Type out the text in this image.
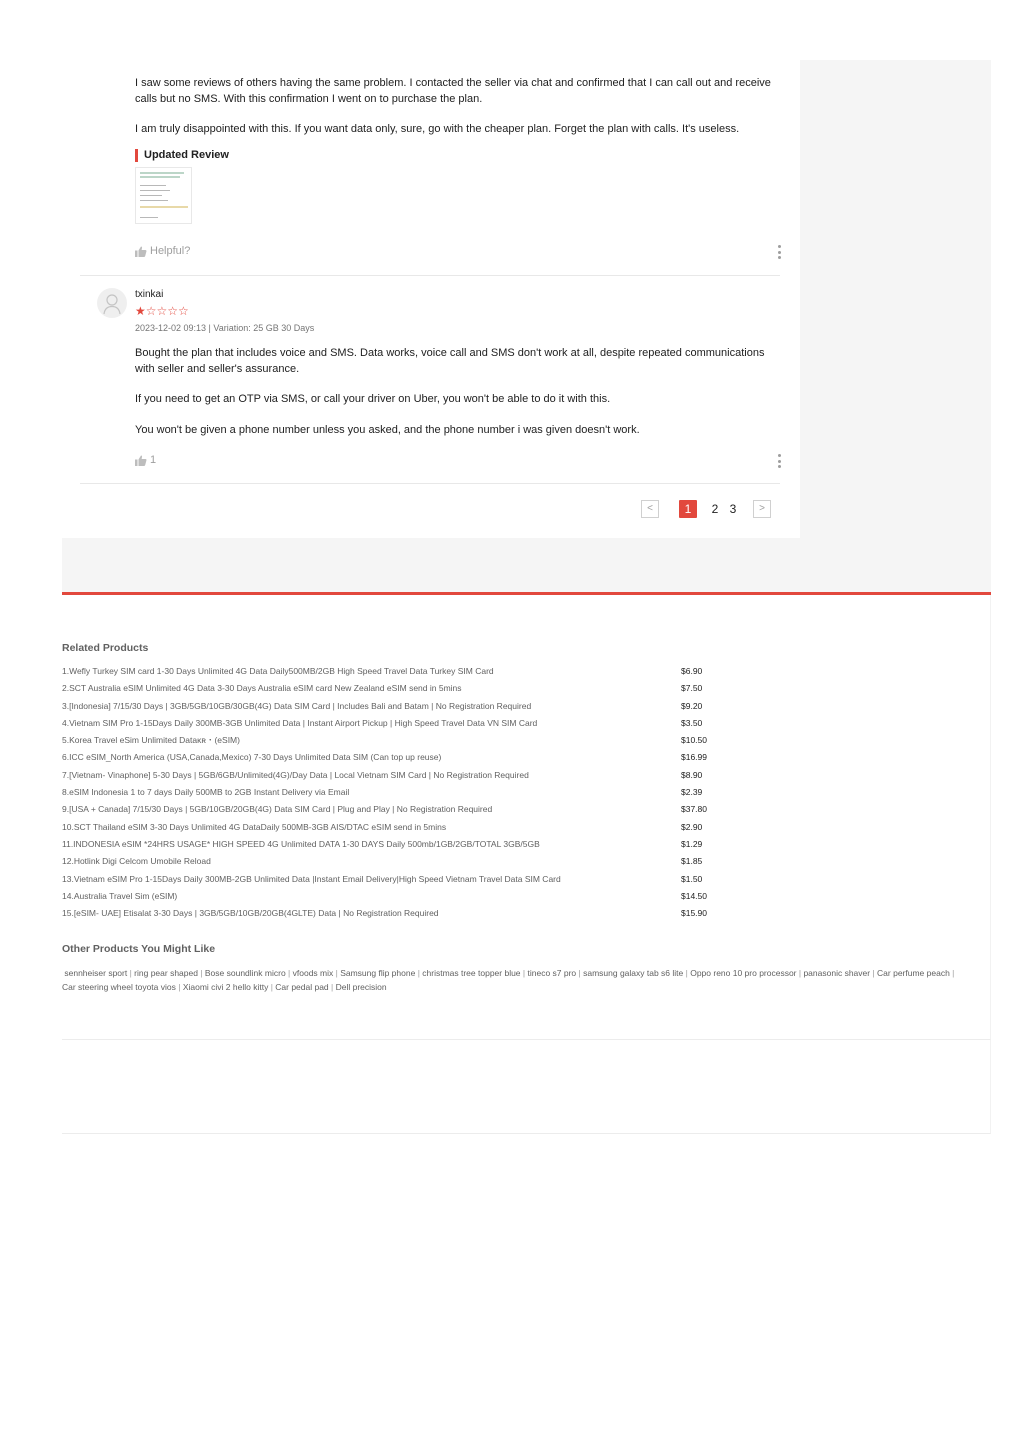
I saw some reviews of others having the same problem. I contacted the seller via chat and confirmed that I can call out and receive calls but no SMS. With this confirmation I went on to purchase the plan.

I am truly disappointed with this. If you want data only, sure, go with the cheaper plan. Forget the plan with calls. It's useless.

Updated Review
Helpful?
txinkai
★☆☆☆☆
2023-12-02 09:13 | Variation: 25 GB 30 Days

Bought the plan that includes voice and SMS. Data works, voice call and SMS don't work at all, despite repeated communications with seller and seller's assurance.

If you need to get an OTP via SMS, or call your driver on Uber, you won't be able to do it with this.

You won't be given a phone number unless you asked, and the phone number i was given doesn't work.

1
<	1	2 3	>
Related Products
1.Wefly Turkey SIM card 1-30 Days Unlimited 4G Data Daily500MB/2GB High Speed Travel Data Turkey SIM Card	$6.90
2.SCT Australia eSIM Unlimited 4G Data 3-30 Days Australia eSIM card New Zealand eSIM send in 5mins	$7.50
3.[Indonesia] 7/15/30 Days | 3GB/5GB/10GB/30GB(4G) Data SIM Card | Includes Bali and Batam | No Registration Required	$9.20
4.Vietnam SIM Pro 1-15Days Daily 300MB-3GB Unlimited Data | Instant Airport Pickup | High Speed Travel Data VN SIM Card	$3.50
5.Korea Travel eSim Unlimited Data⁠ᴋʀ・(eSIM)	$10.50
6.ICC eSIM_North America (USA,Canada,Mexico) 7-30 Days Unlimited Data SIM (Can top up reuse)	$16.99
7.[Vietnam- Vinaphone] 5-30 Days | 5GB/6GB/Unlimited(4G)/Day Data | Local Vietnam SIM Card | No Registration Required	$8.90
8.eSIM Indonesia 1 to 7 days Daily 500MB to 2GB Instant Delivery via Email	$2.39
9.[USA + Canada] 7/15/30 Days | 5GB/10GB/20GB(4G) Data SIM Card | Plug and Play | No Registration Required	$37.80
10.SCT Thailand eSIM 3-30 Days Unlimited 4G DataDaily 500MB-3GB AIS/DTAC eSIM send in 5mins	$2.90
11.INDONESIA eSIM *24HRS USAGE* HIGH SPEED 4G Unlimited DATA 1-30 DAYS Daily 500mb/1GB/2GB/TOTAL 3GB/5GB	$1.29
12.Hotlink Digi Celcom Umobile Reload	$1.85
13.Vietnam eSIM Pro 1-15Days Daily 300MB-2GB Unlimited Data |Instant Email Delivery|High Speed Vietnam Travel Data SIM Card	$1.50
14.Australia Travel Sim (eSIM)	$14.50
15.[eSIM- UAE] Etisalat 3-30 Days | 3GB/5GB/10GB/20GB(4GLTE) Data | No Registration Required	$15.90
Other Products You Might Like
sennheiser sport | ring pear shaped | Bose soundlink micro | vfoods mix | Samsung flip phone | christmas tree topper blue | tineco s7 pro | samsung galaxy tab s6 lite | Oppo reno 10 pro processor | panasonic shaver | Car perfume peach | Car steering wheel toyota vios | Xiaomi civi 2 hello kitty | Car pedal pad | Dell precision
